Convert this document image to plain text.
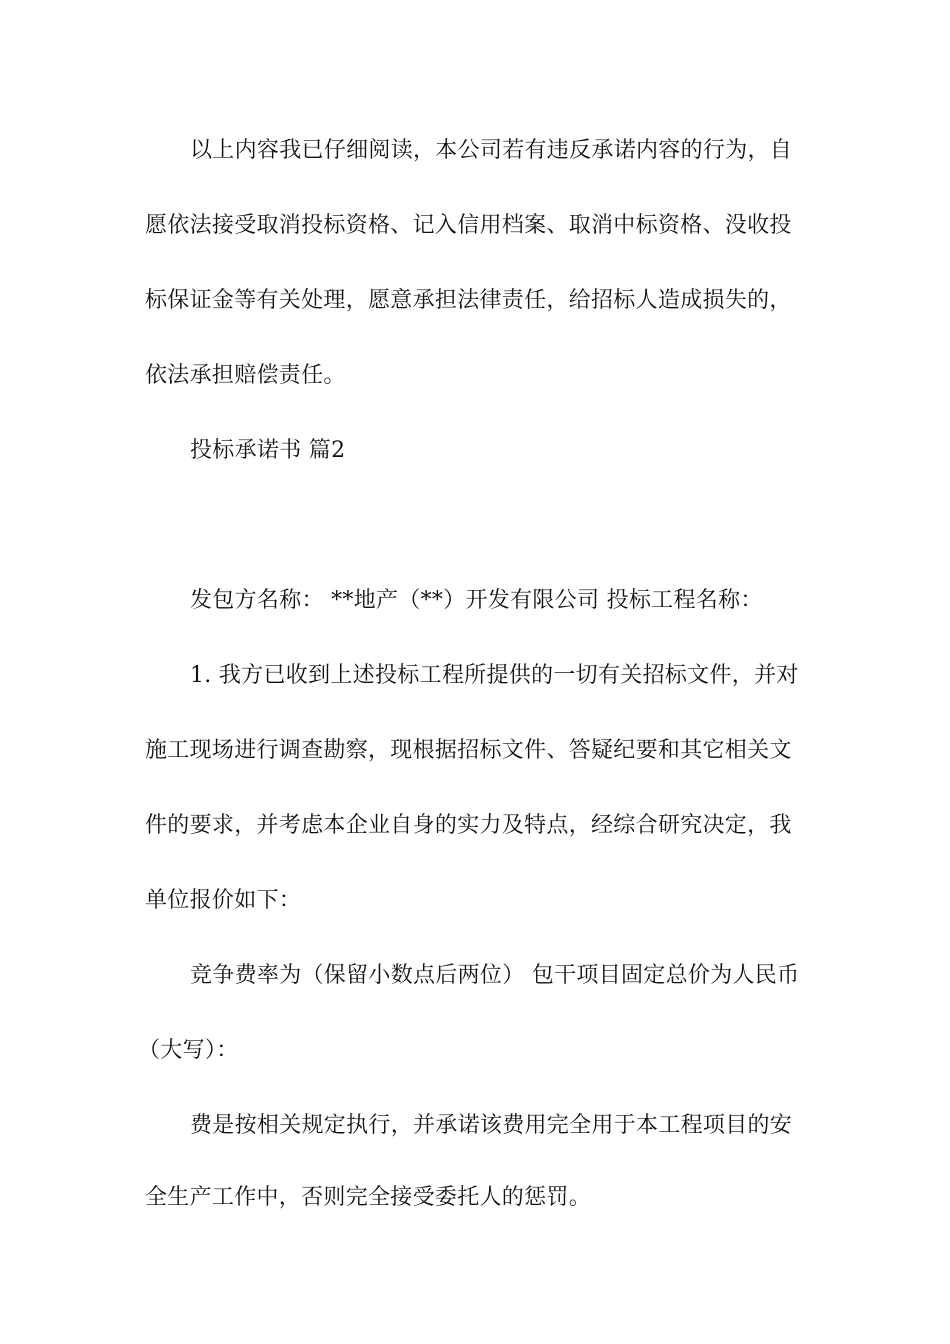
以上内容我已仔细阅读，本公司若有违反承诺内容的行为，自
愿依法接受取消投标资格、记入信用档案、取消中标资格、没收投
标保证金等有关处理，愿意承担法律责任，给招标人造成损失的，
依法承担赔偿责任。
投标承诺书 篇2
发包方名称： **地产（**）开发有限公司 投标工程名称：
1. 我方已收到上述投标工程所提供的一切有关招标文件，并对
施工现场进行调查勘察，现根据招标文件、答疑纪要和其它相关文
件的要求，并考虑本企业自身的实力及特点，经综合研究决定，我
单位报价如下：
竞争费率为（保留小数点后两位） 包干项目固定总价为人民币
（大写）：
费是按相关规定执行，并承诺该费用完全用于本工程项目的安
全生产工作中，否则完全接受委托人的惩罚。
